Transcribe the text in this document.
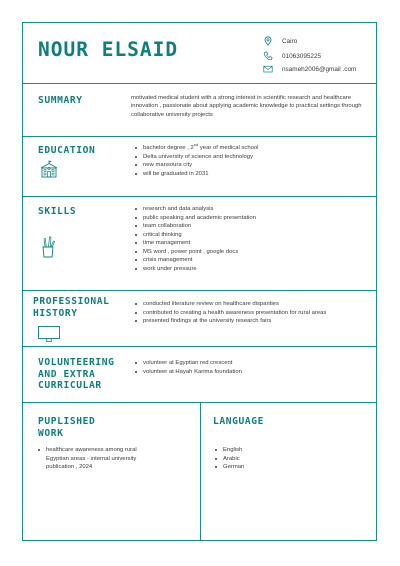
NOUR ELSAID	Cairo
01063095225
nsameh2006@gmail .com
SUMMARY	motivated medical student with a strong interest in scientific research and healthcare innovation , passionate about applying academic knowledge to practical settings through collaborative university projects

EDUCATION	bachelor degree , 2nd year of medical school
Delta university of science and technology
new mansoura city
will be graduated in 2031
SKILLS	research and data analysis
public speaking and academic presentation
team collaboration
critical thinking
time management
MS word , power point , google docs
crisis management
work under pressure
PROFESSIONAL
HISTORY
conducted literature review on healthcare disparities
contributed to creating a health awareness presentation for rural areas
presented findings at the university research fairs
VOLUNTEERING
AND EXTRA
CURRICULAR
volunteer at Egyptian red crescent
volunteer at Hayah Karima foundation
PUPLISHED
WORK
healthcare awareness among rural Egyptian areas - internal university publication , 2024
LANGUAGE
English
Arabic
German
